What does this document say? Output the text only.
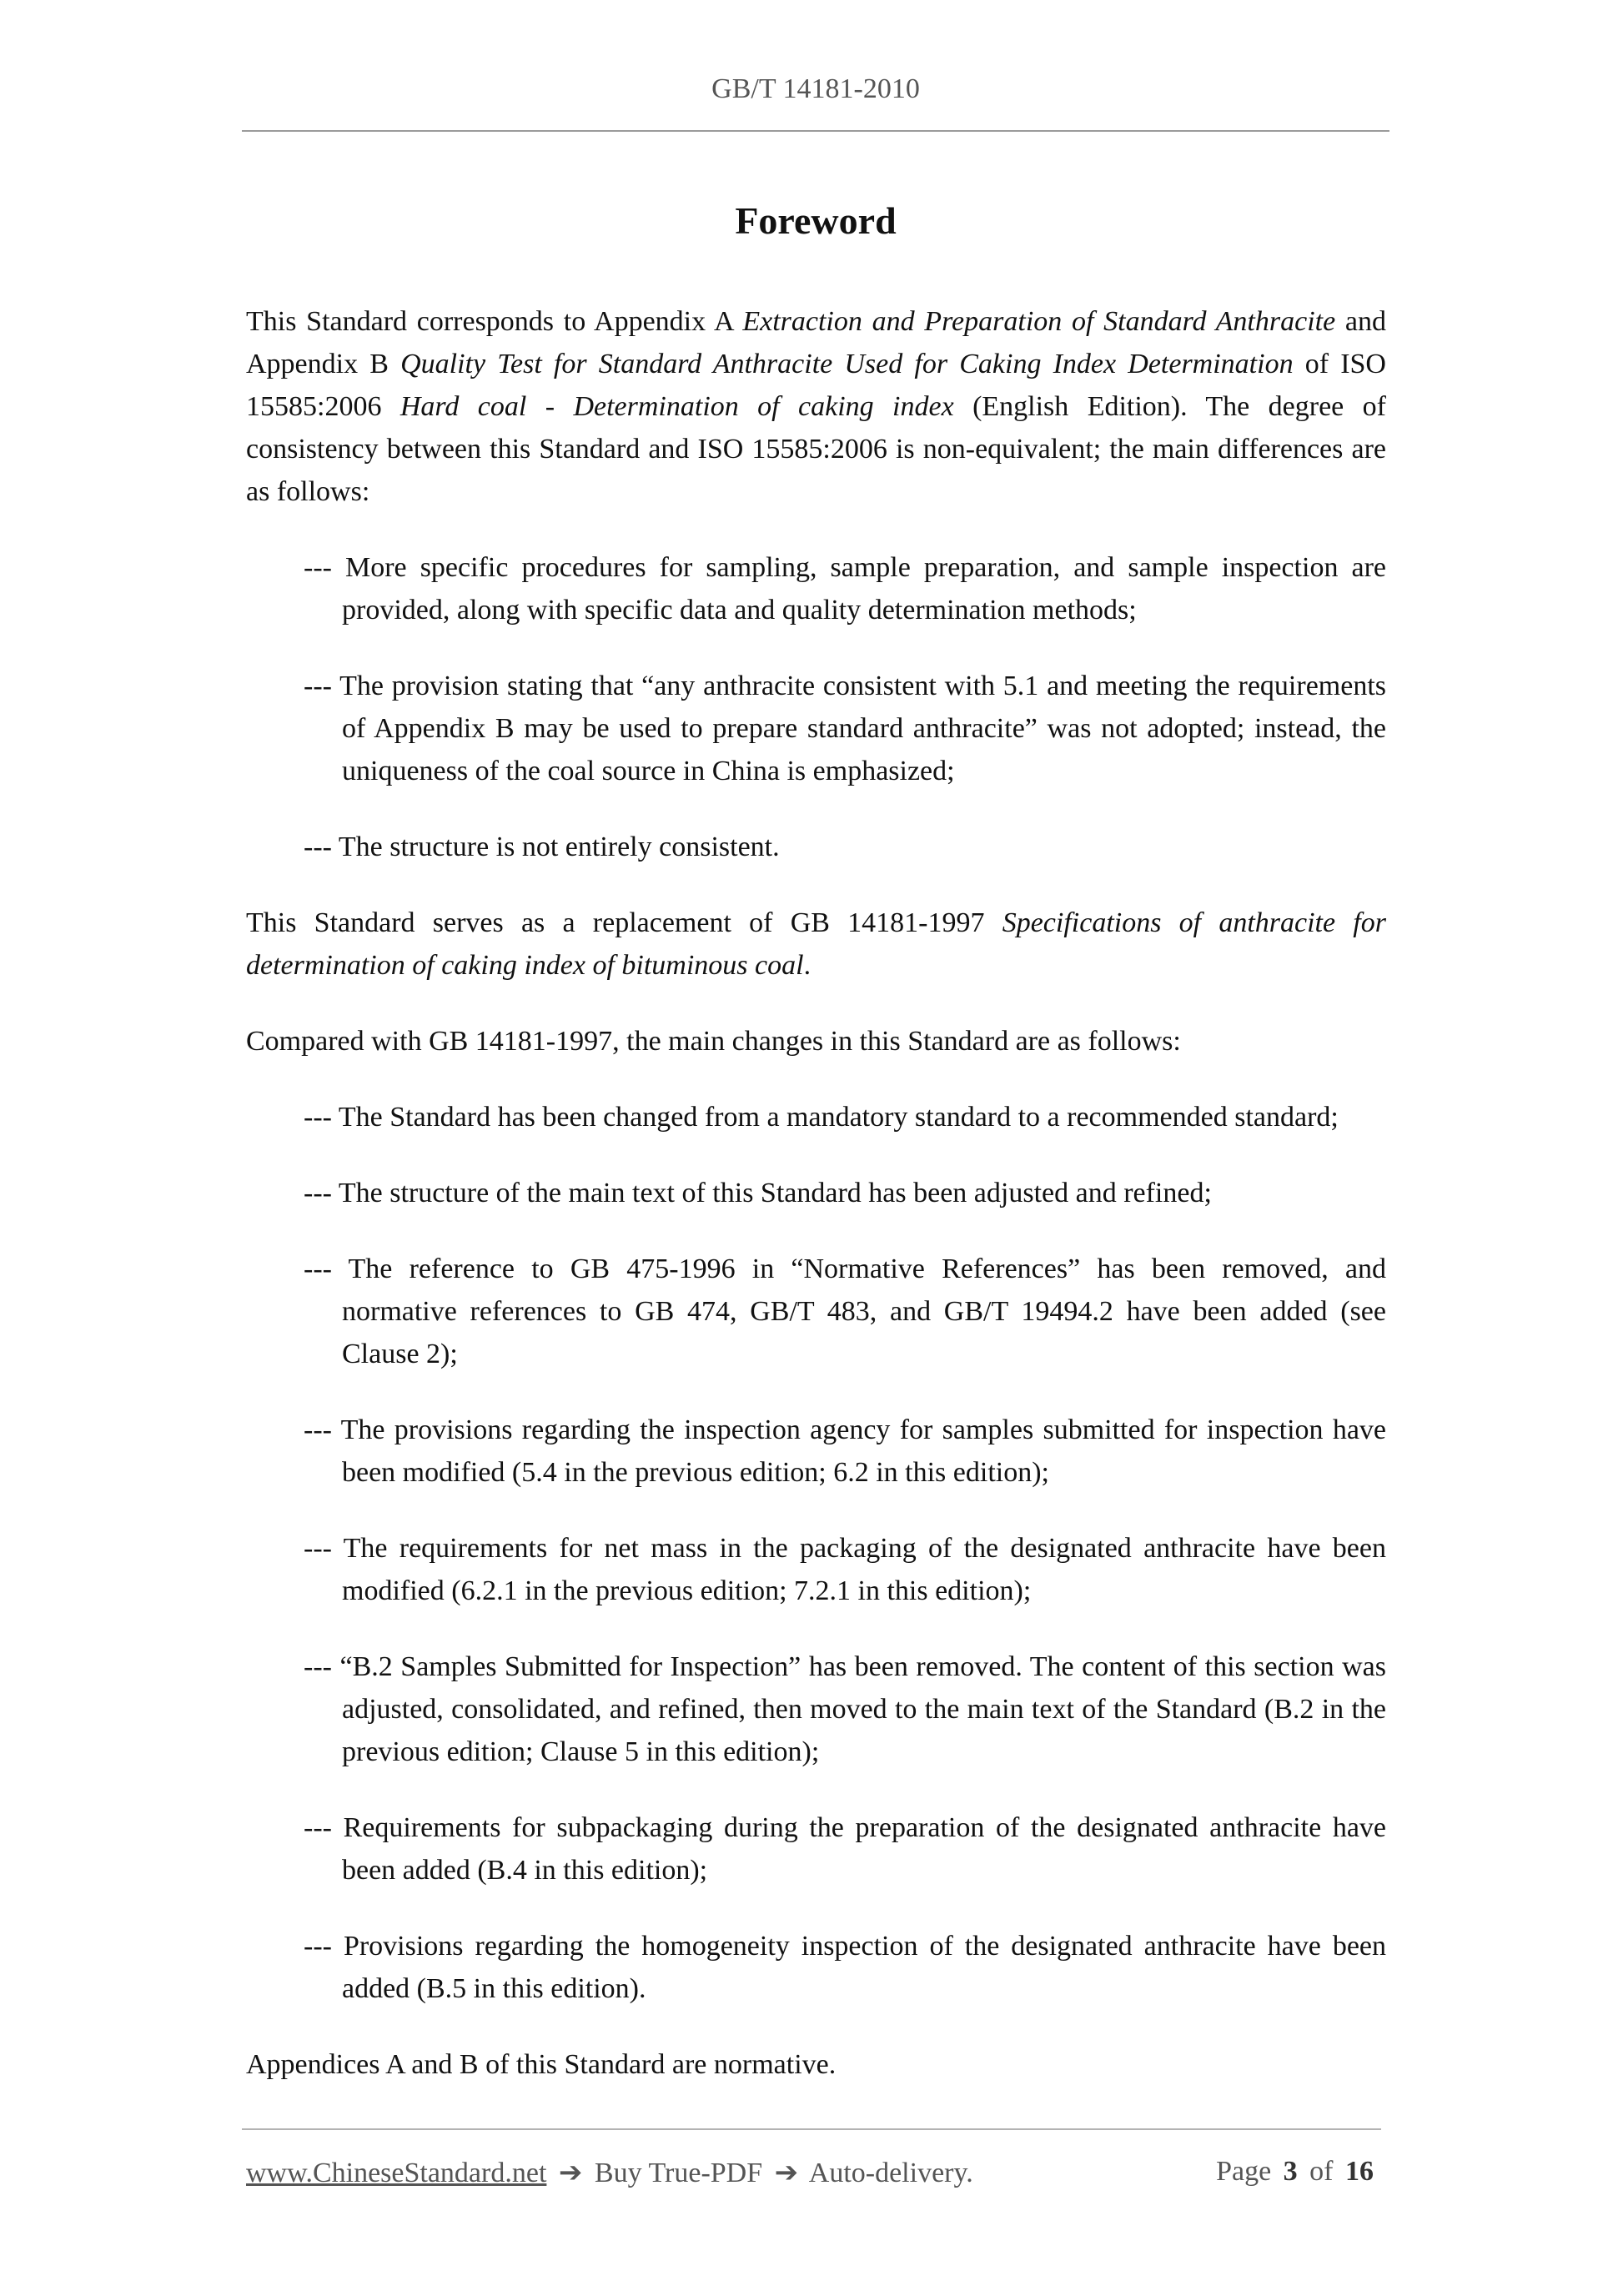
GB/T 14181-2010
Foreword

This Standard corresponds to Appendix A Extraction and Preparation of Standard Anthracite and Appendix B Quality Test for Standard Anthracite Used for Caking Index Determination of ISO 15585:2006 Hard coal - Determination of caking index (English Edition). The degree of consistency between this Standard and ISO 15585:2006 is non-equivalent; the main differences are as follows:

--- More specific procedures for sampling, sample preparation, and sample inspection are provided, along with specific data and quality determination methods;
--- The provision stating that “any anthracite consistent with 5.1 and meeting the requirements of Appendix B may be used to prepare standard anthracite” was not adopted; instead, the uniqueness of the coal source in China is emphasized;
--- The structure is not entirely consistent.

This Standard serves as a replacement of GB 14181-1997 Specifications of anthracite for determination of caking index of bituminous coal.

Compared with GB 14181-1997, the main changes in this Standard are as follows:

--- The Standard has been changed from a mandatory standard to a recommended standard;
--- The structure of the main text of this Standard has been adjusted and refined;
--- The reference to GB 475-1996 in “Normative References” has been removed, and normative references to GB 474, GB/T 483, and GB/T 19494.2 have been added (see Clause 2);
--- The provisions regarding the inspection agency for samples submitted for inspection have been modified (5.4 in the previous edition; 6.2 in this edition);
--- The requirements for net mass in the packaging of the designated anthracite have been modified (6.2.1 in the previous edition; 7.2.1 in this edition);
--- “B.2 Samples Submitted for Inspection” has been removed. The content of this section was adjusted, consolidated, and refined, then moved to the main text of the Standard (B.2 in the previous edition; Clause 5 in this edition);
--- Requirements for subpackaging during the preparation of the designated anthracite have been added (B.4 in this edition);
--- Provisions regarding the homogeneity inspection of the designated anthracite have been added (B.5 in this edition).

Appendices A and B of this Standard are normative.

www.ChineseStandard.net ➔ Buy True-PDF ➔ Auto-delivery.	Page 3 of 16
